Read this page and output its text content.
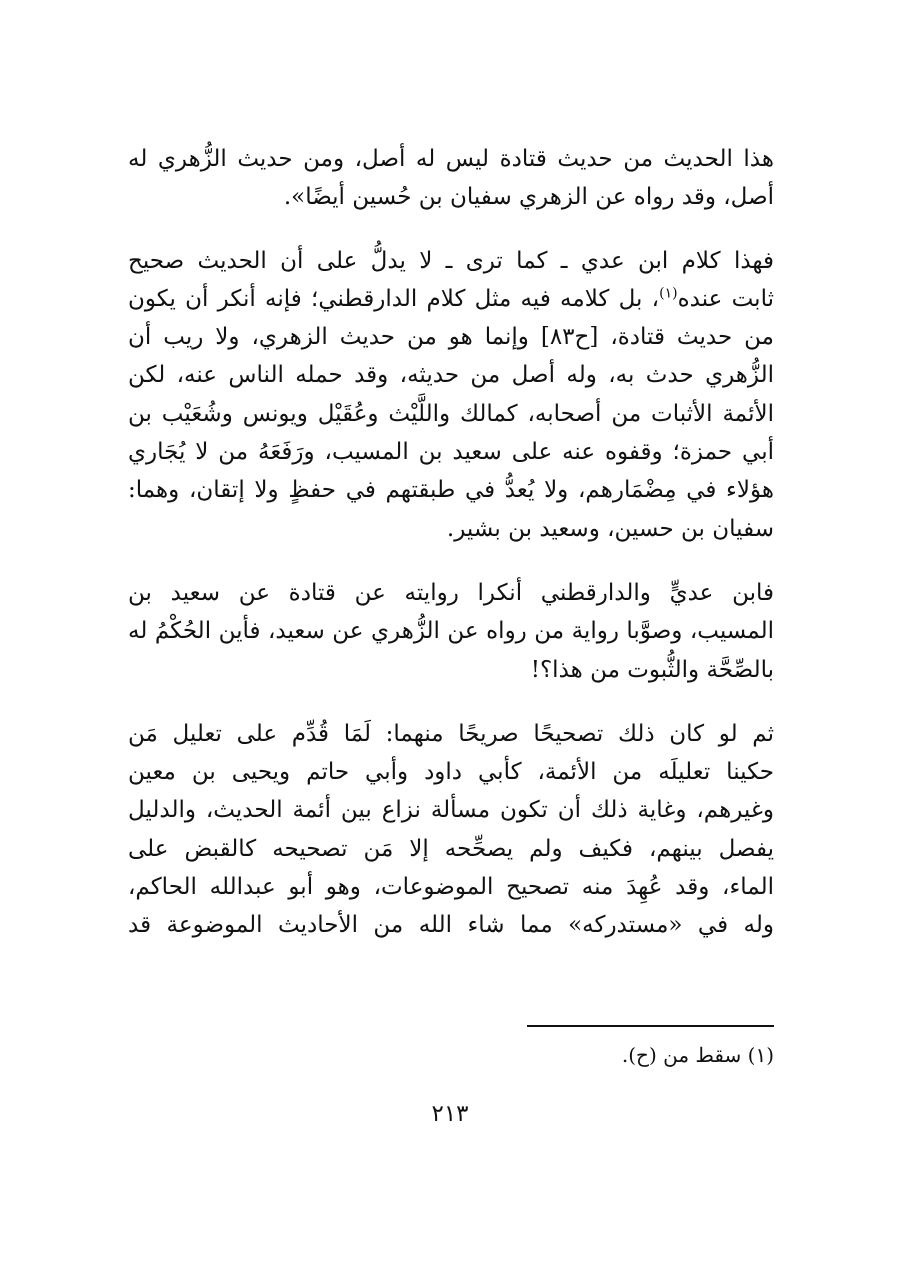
هذا الحديث من حديث قتادة ليس له أصل، ومن حديث الزُّهري له
أصل، وقد رواه عن الزهري سفيان بن حُسين أيضًا».
فهذا كلام ابن عدي ـ كما ترى ـ لا يدلُّ على أن الحديث صحيح
ثابت عنده$^{(١)}$، بل كلامه فيه مثل كلام الدارقطني؛ فإنه أنكر أن يكون
من حديث قتادة، [ح٨٣] وإنما هو من حديث الزهري، ولا ريب أن
الزُّهري حدث به، وله أصل من حديثه، وقد حمله الناس عنه، لكن
الأئمة الأثبات من أصحابه، كمالك واللَّيْث وعُقَيْل ويونس وشُعَيْب بن
أبي حمزة؛ وقفوه عنه على سعيد بن المسيب، ورَفَعَهُ من لا يُجَاري
هؤلاء في مِضْمَارهم، ولا يُعدُّ في طبقتهم في حفظٍ ولا إتقان، وهما:
سفيان بن حسين، وسعيد بن بشير.
فابن عديٍّ والدارقطني أنكرا روايته عن قتادة عن سعيد بن
المسيب، وصوَّبا رواية من رواه عن الزُّهري عن سعيد، فأين الحُكْمُ له
بالصِّحَّة والثُّبوت من هذا؟!
ثم لو كان ذلك تصحيحًا صريحًا منهما: لَمَا قُدِّم على تعليل مَن
حكينا تعليلَه من الأئمة، كأبي داود وأبي حاتم ويحيى بن معين
وغيرهم، وغاية ذلك أن تكون مسألة نزاع بين أئمة الحديث، والدليل
يفصل بينهم، فكيف ولم يصحِّحه إلا مَن تصحيحه كالقبض على
الماء، وقد عُهِدَ منه تصحيح الموضوعات، وهو أبو عبدالله الحاكم،
وله في «مستدركه» مما شاء الله من الأحاديث الموضوعة قد
(١) سقط من (ح).
٢١٣
